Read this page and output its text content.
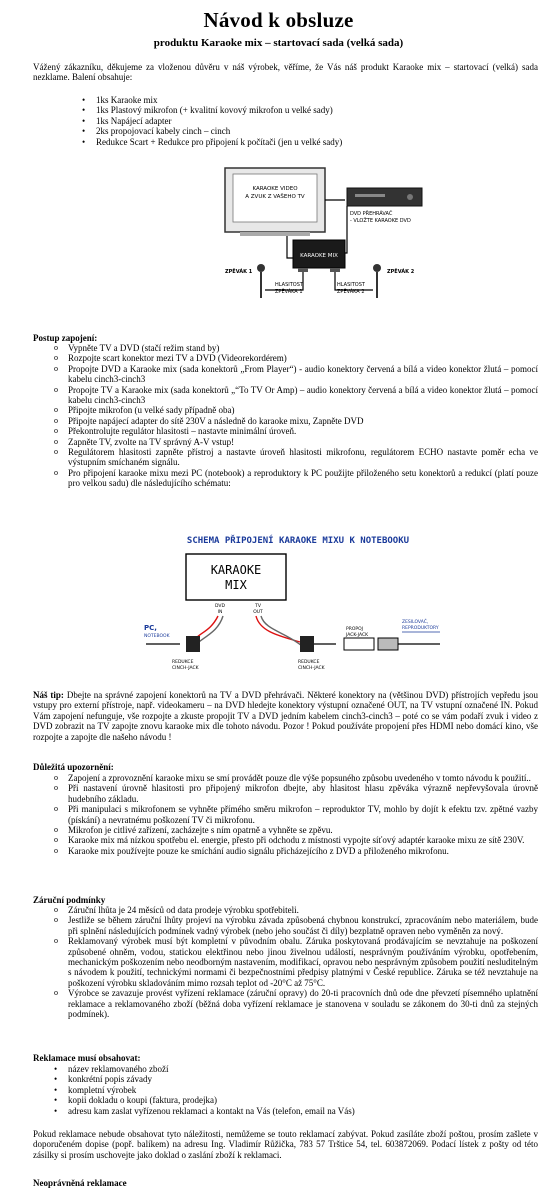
Návod k obsluze
produktu Karaoke mix – startovací sada (velká sada)
Vážený zákazníku, děkujeme za vloženou důvěru v náš výrobek, věříme, že Vás náš produkt Karaoke mix – startovací (velká) sada nezklame. Balení obsahuje:
• 1ks Karaoke mix
• 1ks Plastový mikrofon (+ kvalitní kovový mikrofon u velké sady)
• 1ks Napájecí adapter
• 2ks propojovací kabely cinch – cinch
• Redukce Scart + Redukce pro připojení k počítači (jen u velké sady)
KARAOKE VIDEO
A ZVUK Z VAŠEHO TV
DVD PŘEHRÁVAČ
- VLOŽTE KARAOKE DVD
KARAOKE MIX
ZPĚVÁK 1	ZPĚVÁK 2
HLASITOST
ZPĚVÁKA 1
HLASITOST
ZPĚVÁKA 2
Postup zapojení:
o Vypněte TV a DVD (stačí režim stand by)
o Rozpojte scart konektor mezi TV a DVD (Videorekordérem)
o Propojte DVD a Karaoke mix (sada konektorů „From Player“) - audio konektory červená a bílá a video konektor žlutá – pomocí kabelu cinch3-cinch3
o Propojte TV a Karaoke mix (sada konektorů „“To TV Or Amp) – audio konektory červená a bílá a video konektor žlutá – pomocí kabelu cinch3-cinch3
o Připojte mikrofon (u velké sady případně oba)
o Připojte napájecí adapter do sítě 230V a následně do karaoke mixu, Zapněte DVD
o Překontrolujte regulátor hlasitosti – nastavte minimální úroveň.
o Zapněte TV, zvolte na TV správný A-V vstup!
o Regulátorem hlasitosti zapněte přístroj a nastavte úroveň hlasitosti mikrofonu, regulátorem ECHO nastavte poměr echa ve výstupním smíchaném signálu.
o Pro připojení karaoke mixu mezi PC (notebook) a reproduktory k PC použijte přiloženého setu konektorů a redukcí (platí pouze pro velkou sadu) dle následujícího schématu:
SCHEMA PŘIPOJENÍ KARAOKE MIXU K NOTEBOOKU
KARAOKE
MIX
DVD
IN
TV
OUT
PC,
NOTEBOOK
REDUKCE
CINCH-JACK
REDUKCE
CINCH-JACK
PROPOJ
JACK-JACK
ZESILOVAČ,
REPRODUKTORY
Náš tip: Dbejte na správné zapojení konektorů na TV a DVD přehrávači. Některé konektory na (většinou DVD) přístrojích vepředu jsou vstupy pro externí přístroje, např. videokameru – na DVD hledejte konektory výstupní označené OUT, na TV vstupní označené IN. Pokud Vám zapojení nefunguje, vše rozpojte a zkuste propojit TV a DVD jedním kabelem cinch3-cinch3 – poté co se vám podaří zvuk i video z DVD zobrazit na TV zapojte znovu karaoke mix dle tohoto návodu. Pozor ! Pokud používáte propojení přes HDMI nebo domácí kino, vše rozpojte a zapojte dle našeho návodu !
Důležitá upozornění:
o Zapojení a zprovoznění karaoke mixu se smí provádět pouze dle výše popsuného způsobu uvedeného v tomto návodu k použití..
o Při nastavení úrovně hlasitosti pro připojený mikrofon dbejte, aby hlasitost hlasu zpěváka výrazně nepřevyšovala úrovně hudebního základu.
o Při manipulaci s mikrofonem se vyhněte přímého směru mikrofon – reproduktor TV, mohlo by dojít k efektu tzv. zpětné vazby (pískání) a nevratnému poškození TV či mikrofonu.
o Mikrofon je citlivé zařízení, zacházejte s ním opatrně a vyhněte se zpěvu.
o Karaoke mix má nízkou spotřebu el. energie, přesto při odchodu z místnosti vypojte síťový adaptér karaoke mixu ze sítě 230V.
o Karaoke mix používejte pouze ke smíchání audio signálu přicházejícího z DVD a přiloženého mikrofonu.
Záruční podmínky
o Záruční lhůta je 24 měsíců od data prodeje výrobku spotřebiteli.
o Jestliže se během záruční lhůty projeví na výrobku závada způsobená chybnou konstrukcí, zpracováním nebo materiálem, bude při splnění následujících podmínek vadný výrobek (nebo jeho součást či díly) bezplatně opraven nebo vyměněn za nový.
o Reklamovaný výrobek musí být kompletní v původním obalu. Záruka poskytovaná prodávajícím se nevztahuje na poškození způsobené ohněm, vodou, statickou elektřinou nebo jinou živelnou událostí, nesprávným používáním výrobku, opotřebením, mechanickým poškozením nebo neodborným nastavením, modifikací, opravou nebo nesprávným způsobem použití nesluditelným s návodem k použití, technickými normami či bezpečnostními předpisy platnými v České republice. Záruka se též nevztahuje na poškození výrobku skladováním mimo rozsah teplot od -20°C až 75°C.
o Výrobce se zavazuje provést vyřízení reklamace (záruční opravy) do 20-ti pracovních dnů ode dne převzetí písemného uplatnění reklamace a reklamovaného zboží (běžná doba vyřízení reklamace je stanovena v souladu se zákonem do 30-ti dnů za stejných podmínek).
Reklamace musí obsahovat:
• název reklamovaného zboží
• konkrétní popis závady
• kompletní výrobek
• kopii dokladu o koupi (faktura, prodejka)
• adresu kam zaslat vyřízenou reklamaci a kontakt na Vás (telefon, email na Vás)
Pokud reklamace nebude obsahovat tyto náležitosti, nemůžeme se touto reklamací zabývat. Pokud zasíláte zboží poštou, prosím zašlete v doporučeném dopise (popř. balíkem) na adresu Ing. Vladimír Růžička, 783 57 Trštice 54, tel. 603872069. Podací lístek z pošty od této zásilky si prosím uschovejte jako doklad o zaslání zboží k reklamaci.
Neoprávněná reklamace
